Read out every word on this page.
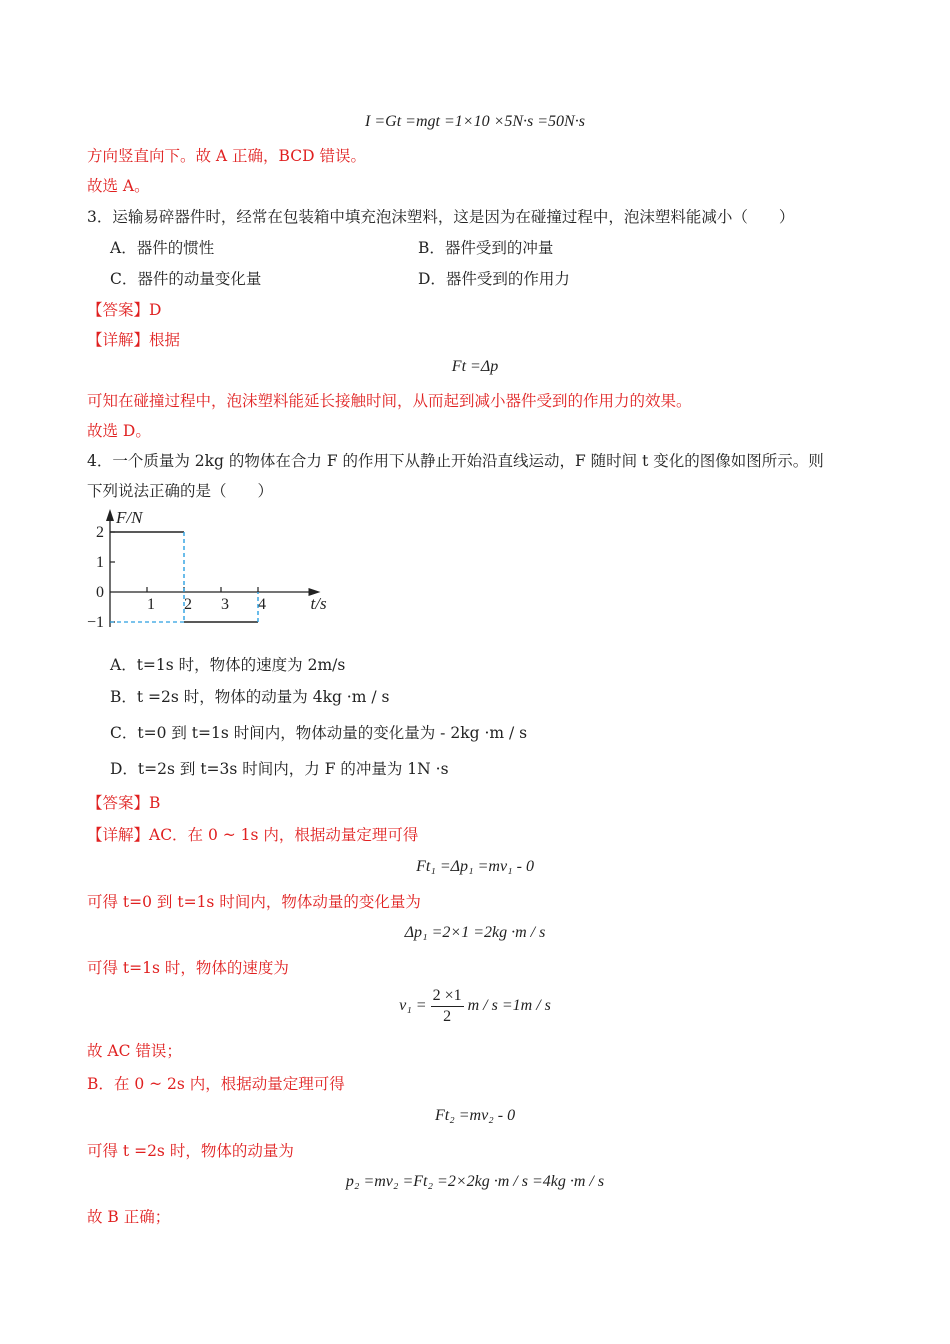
I =Gt =mgt =1×10 ×5N·s =50N·s
方向竖直向下。故 A 正确，BCD 错误。
故选 A。
3．运输易碎器件时，经常在包装箱中填充泡沫塑料，这是因为在碰撞过程中，泡沫塑料能减小（　　）
A．器件的惯性	B．器件受到的冲量
C．器件的动量变化量	D．器件受到的作用力
【答案】D
【详解】根据
Ft =Δp
可知在碰撞过程中，泡沫塑料能延长接触时间，从而起到减小器件受到的作用力的效果。
故选 D。
4．一个质量为 2kg 的物体在合力 F 的作用下从静止开始沿直线运动，F 随时间 t 变化的图像如图所示。则
下列说法正确的是（　　）
1 2 3 4
2
1
0
−1
F/N
t/s
A．t=1s 时，物体的速度为 2m/s
B．t =2s 时，物体的动量为 4kg ·m / s
C．t=0 到 t=1s 时间内，物体动量的变化量为 - 2kg ·m / s
D．t=2s 到 t=3s 时间内，力 F 的冲量为 1N ·s
【答案】B
【详解】AC．在 0 ~ 1s 内，根据动量定理可得
Ft₁ =Δp₁ =mv₁ - 0
可得 t=0 到 t=1s 时间内，物体动量的变化量为
Δp₁ =2×1 =2kg ·m / s
可得 t=1s 时，物体的速度为
$v_1 = \frac{2 \times 1}{2}$ m / s =1m / s
故 AC 错误；
B．在 0 ~ 2s 内，根据动量定理可得
Ft₂ =mv₂ - 0
可得 t =2s 时，物体的动量为
p₂ =mv₂ =Ft₂ =2×2kg ·m / s =4kg ·m / s
故 B 正确；
